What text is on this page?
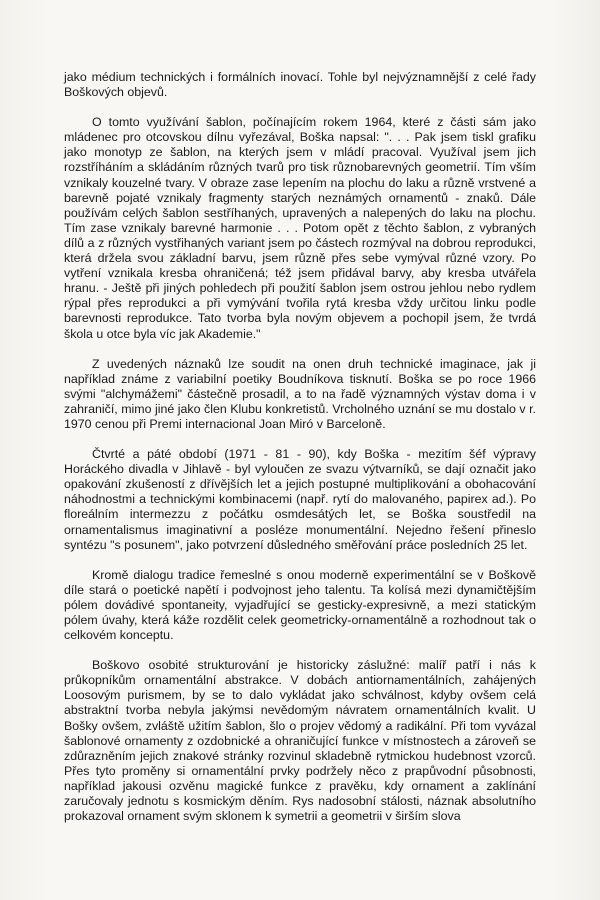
jako médium technických i formálních inovací. Tohle byl nejvýznamnější z celé řady Boškových objevů.

O tomto využívání šablon, počínajícím rokem 1964, které z části sám jako mládenec pro otcovskou dílnu vyřezával, Boška napsal: ". . . Pak jsem tiskl grafiku jako monotyp ze šablon, na kterých jsem v mládí pracoval. Využíval jsem jich rozstříháním a skládáním různých tvarů pro tisk různobarevných geometrií. Tím vším vznikaly kouzelné tvary. V obraze zase lepením na plochu do laku a různě vrstvené a barevně pojaté vznikaly fragmenty starých neznámých ornamentů - znaků. Dále používám celých šablon sestříhaných, upravených a nalepených do laku na plochu. Tím zase vznikaly barevné harmonie . . . Potom opět z těchto šablon, z vybraných dílů a z různých vystřihaných variant jsem po částech rozmýval na dobrou reprodukci, která držela svou základní barvu, jsem různě přes sebe vymýval různé vzory. Po vytření vznikala kresba ohraničená; též jsem přidával barvy, aby kresba utvářela hranu. - Ještě při jiných pohledech při použití šablon jsem ostrou jehlou nebo rydlem rýpal přes reprodukci a při vymývání tvořila rytá kresba vždy určitou linku podle barevnosti reprodukce. Tato tvorba byla novým objevem a pochopil jsem, že tvrdá škola u otce byla víc jak Akademie."

Z uvedených náznaků lze soudit na onen druh technické imaginace, jak ji například známe z variabilní poetiky Boudníkova tisknutí. Boška se po roce 1966 svými "alchymážemi" částečně prosadil, a to na řadě významných výstav doma i v zahraničí, mimo jiné jako člen Klubu konkretistů. Vrcholného uznání se mu dostalo v r. 1970 cenou při Premi internacional Joan Miró v Barceloně.

Čtvrté a páté období (1971 - 81 - 90), kdy Boška - mezitím šéf výpravy Horáckého divadla v Jihlavě - byl vyloučen ze svazu výtvarníků, se dají označit jako opakování zkušeností z dřívějších let a jejich postupné multiplikování a obohacování náhodnostmi a technickými kombinacemi (např. rytí do malovaného, papirex ad.). Po floreálním intermezzu z počátku osmdesátých let, se Boška soustředil na ornamentalismus imaginativní a posléze monumentální. Nejedno řešení přineslo syntézu "s posunem", jako potvrzení důsledného směřování práce posledních 25 let.

Kromě dialogu tradice řemeslné s onou moderně experimentální se v Boškově díle stará o poetické napětí i podvojnost jeho talentu. Ta kolísá mezi dynamičtějším pólem dovádivé spontaneity, vyjadřující se gesticky-expresivně, a mezi statickým pólem úvahy, která káže rozdělit celek geometricky-ornamentálně a rozhodnout tak o celkovém konceptu.

Boškovo osobité strukturování je historicky záslužné: malíř patří i nás k průkopníkům ornamentální abstrakce. V dobách antiornamentálních, zahájených Loosovým purismem, by se to dalo vykládat jako schválnost, kdyby ovšem celá abstraktní tvorba nebyla jakýmsi nevědomým návratem ornamentálních kvalit. U Bošky ovšem, zvláště užitím šablon, šlo o projev vědomý a radikální. Při tom vyvázal šablonové ornamenty z ozdobnické a ohraničující funkce v místnostech a zároveň se zdůrazněním jejich znakové stránky rozvinul skladebně rytmickou hudebnost vzorců. Přes tyto proměny si ornamentální prvky podržely něco z prapůvodní působnosti, například jakousi ozvěnu magické funkce z pravěku, kdy ornament a zaklínání zaručovaly jednotu s kosmickým děním. Rys nadosobní stálosti, náznak absolutního prokazoval ornament svým sklonem k symetrii a geometrii v širším slova
